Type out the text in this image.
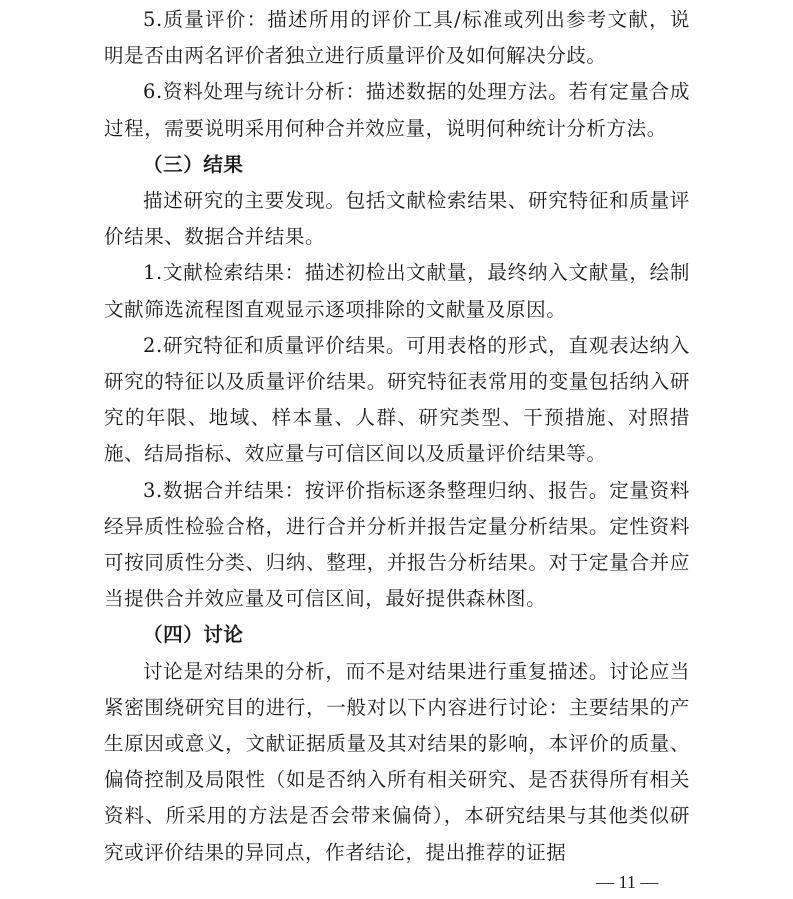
5.质量评价：描述所用的评价工具/标准或列出参考文献，说明是否由两名评价者独立进行质量评价及如何解决分歧。

6.资料处理与统计分析：描述数据的处理方法。若有定量合成过程，需要说明采用何种合并效应量，说明何种统计分析方法。

（三）结果

描述研究的主要发现。包括文献检索结果、研究特征和质量评价结果、数据合并结果。

1.文献检索结果：描述初检出文献量，最终纳入文献量，绘制文献筛选流程图直观显示逐项排除的文献量及原因。

2.研究特征和质量评价结果。可用表格的形式，直观表达纳入研究的特征以及质量评价结果。研究特征表常用的变量包括纳入研究的年限、地域、样本量、人群、研究类型、干预措施、对照措施、结局指标、效应量与可信区间以及质量评价结果等。

3.数据合并结果：按评价指标逐条整理归纳、报告。定量资料经异质性检验合格，进行合并分析并报告定量分析结果。定性资料可按同质性分类、归纳、整理，并报告分析结果。对于定量合并应当提供合并效应量及可信区间，最好提供森林图。

（四）讨论

讨论是对结果的分析，而不是对结果进行重复描述。讨论应当紧密围绕研究目的进行，一般对以下内容进行讨论：主要结果的产生原因或意义，文献证据质量及其对结果的影响，本评价的质量、偏倚控制及局限性（如是否纳入所有相关研究、是否获得所有相关资料、所采用的方法是否会带来偏倚），本研究结果与其他类似研究或评价结果的异同点，作者结论，提出推荐的证据

— 11 —
